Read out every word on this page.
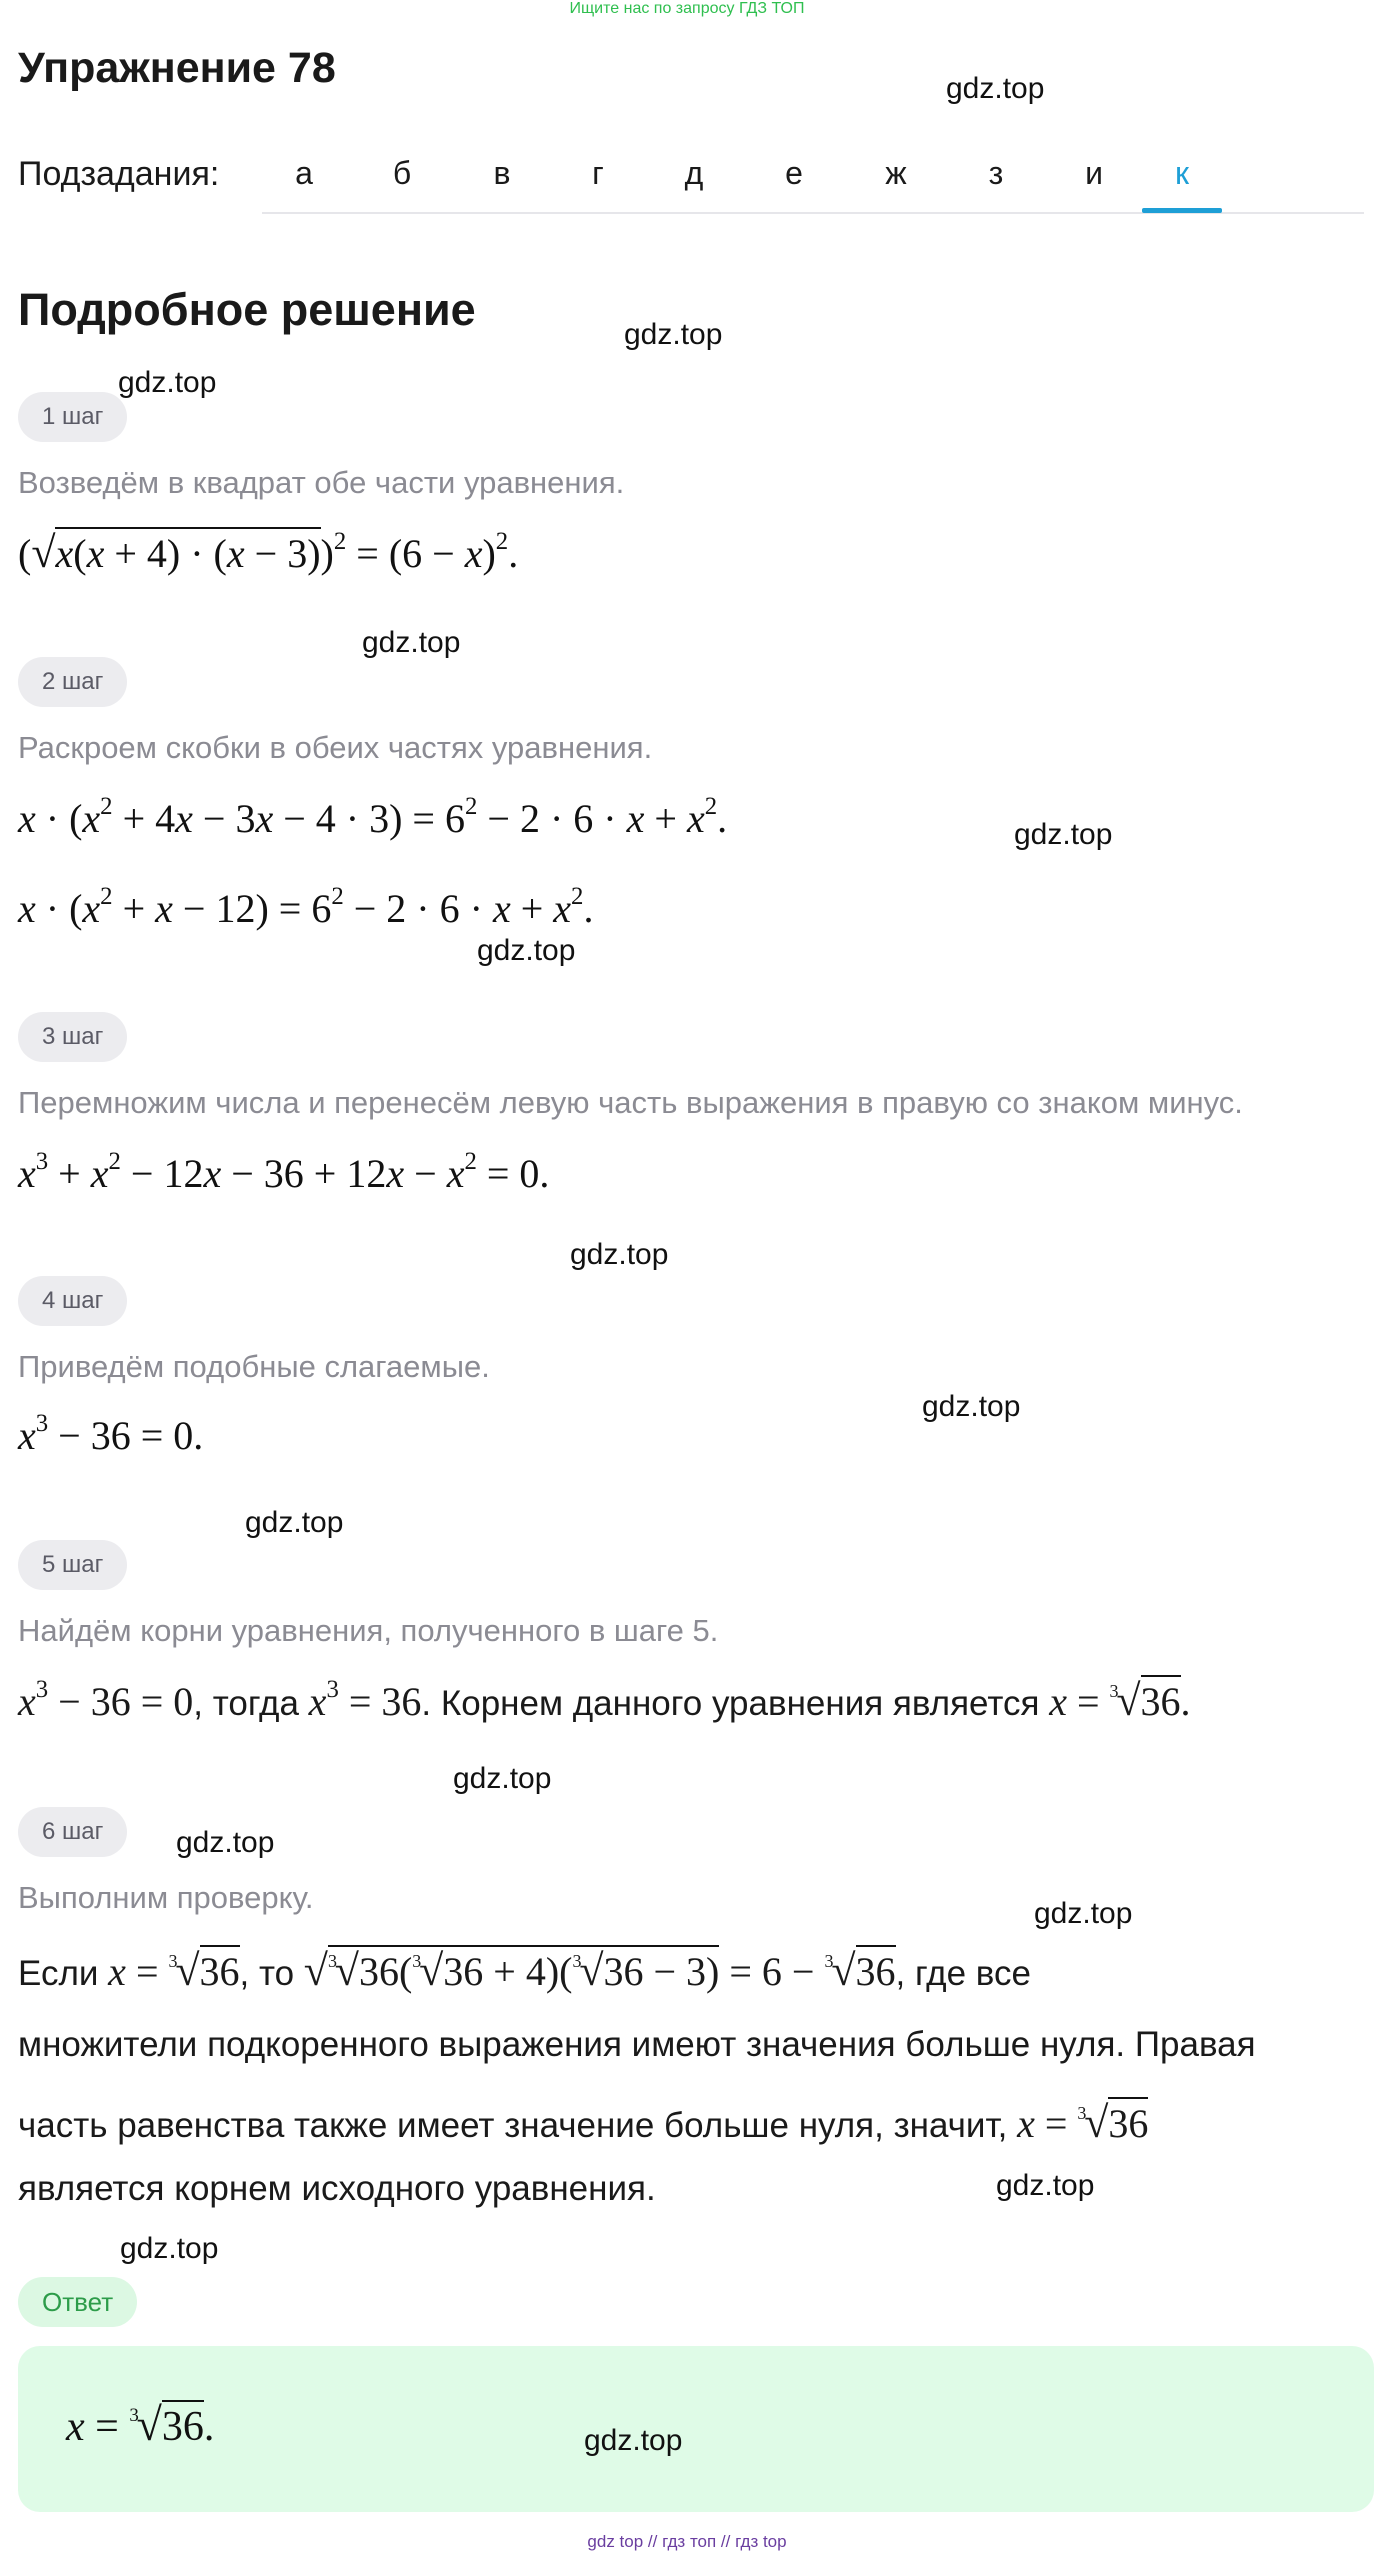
Ищите нас по запросу ГДЗ ТОП
Упражнение 78	gdz.top
Подзадания:	а	б	в	г	д	е	ж	з	и	к
Подробное решение	gdz.top
gdz.top
1 шаг
Возведём в квадрат обе части уравнения.
$(√x(x + 4) \cdot (x - 3))^2 = (6 - x)^2$.
gdz.top
2 шаг
Раскроем скобки в обеих частях уравнения.
$x \cdot (x^2 + 4x - 3x - 4 \cdot 3) = 6^2 - 2 \cdot 6 \cdot x + x^2$.	gdz.top
$x \cdot (x^2 + x - 12) = 6^2 - 2 \cdot 6 \cdot x + x^2$.
gdz.top
3 шаг
Перемножим числа и перенесём левую часть выражения в правую со знаком минус.
$x^3 + x^2 - 12x - 36 + 12x - x^2 = 0$.
gdz.top
4 шаг
Приведём подобные слагаемые.
$x^3 - 36 = 0$.
gdz.top
gdz.top
5 шаг
Найдём корни уравнения, полученного в шаге 5.
$x^3 - 36 = 0$, тогда $x^3 = 36$. Корнем данного уравнения является x = $^3$√36.
gdz.top
6 шаг	gdz.top
Выполним проверку.	gdz.top
Если x = $^3$√36, то √$^3$√36($^3$√36 + 4)($^3$√36 − 3) = 6 − $^3$√36, где все
множители подкоренного выражения имеют значения больше нуля. Правая
часть равенства также имеет значение больше нуля, значит, x = $^3$√36
является корнем исходного уравнения.	gdz.top
gdz.top
Ответ
x = $^3$√36.	gdz.top
gdz top // гдз топ // гдз top
